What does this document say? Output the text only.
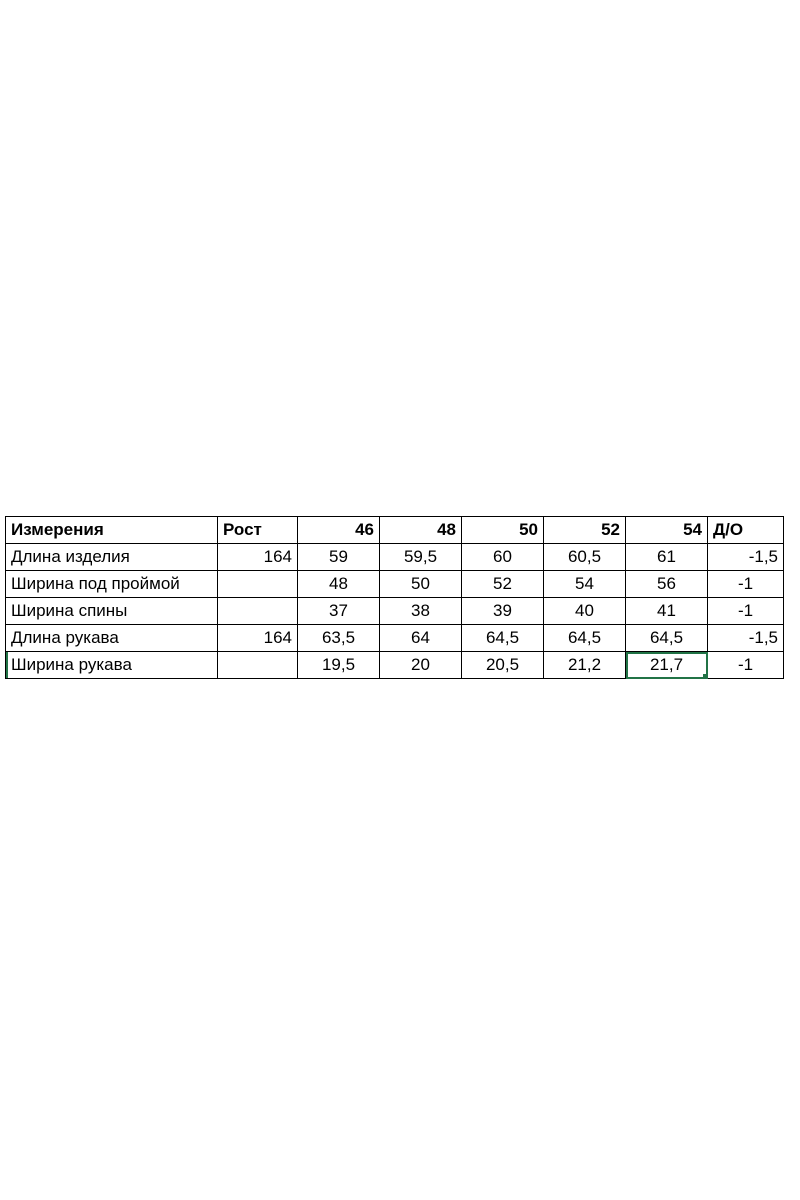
Измерения	Рост	46	48	50	52	54	Д/О
Длина изделия	164	59	59,5	60	60,5	61	-1,5
Ширина под проймой		48	50	52	54	56	-1
Ширина спины		37	38	39	40	41	-1
Длина рукава	164	63,5	64	64,5	64,5	64,5	-1,5
Ширина рукава		19,5	20	20,5	21,2	21,7	-1
